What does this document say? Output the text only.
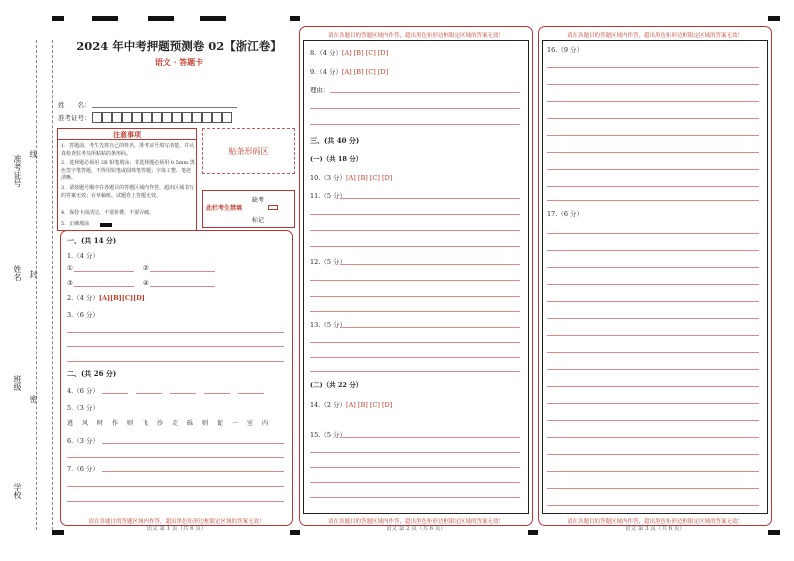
准考证号
线
姓名 封
班级
密
学校
2024 年中考押题预测卷 02【浙江卷】
语文 · 答题卡
姓　　名：
准考证号：
注意事项
1．答题前，考生先将自己的姓名，准考证号填写清楚，并认真检查监考员所粘贴的条形码。
2．选择题必须用 2B 铅笔填涂；非选择题必须用 0.5mm 黑色签字笔答题，不得用铅笔或圆珠笔答题；字体工整、笔迹清晰。
3．请按题号顺序在各题目的答题区域内作答，超出区域书写的答案无效；在草稿纸、试题卷上答题无效。
4．保持卡面清洁，不要折叠、不要弄破。
5．正确填涂
贴条形码区
此栏考生禁填
缺考
标记
一、(共 14 分)
1.（4 分）
①	②
③	④
2.（4 分）[A][B][C][D]
3.（6 分）
二、(共 26 分)
4.（6 分）
5.（3 分）
逃 风 时 作 则 飞 沙 走 砾 则 促 一 室 内
6.（3 分）
7.（6 分）
请在各题目的答题区域内作答，超出黑色矩形边框限定区域的答案无效！
语文 第 1 页（共 6 页）
请在各题目的答题区域内作答，超出黑色矩形边框限定区域的答案无效！
8.（4 分）[A] [B] [C] [D]
9.（4 分）[A] [B] [C] [D]
理由：
三、(共 40 分)
(一)（共 18 分）
10.（3 分）[A] [B] [C] [D]
11.（5 分）
12.（5 分）
13.（5 分）
(二)（共 22 分）
14.（2 分）[A] [B] [C] [D]
15.（5 分）
请在各题目的答题区域内作答，超出黑色矩形边框限定区域的答案无效！
语文 第 2 页（共 6 页）
请在各题目的答题区域内作答，超出黑色矩形边框限定区域的答案无效！
16.（9 分）
17.（6 分）
请在各题目的答题区域内作答，超出黑色矩形边框限定区域的答案无效！
语文 第 3 页（共 6 页）
